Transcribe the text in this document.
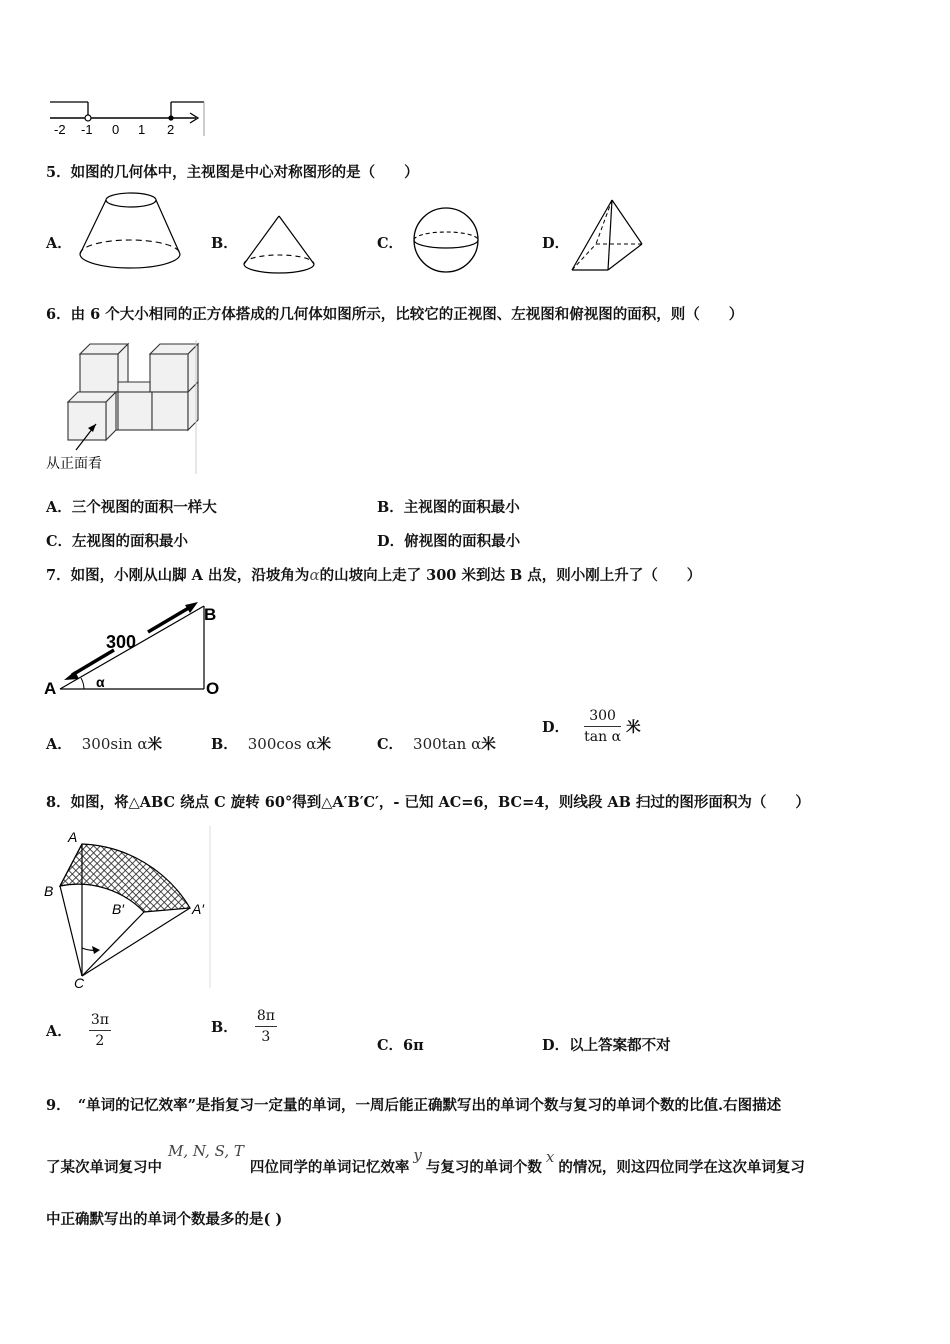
-2 -1 0 1 2
5．如图的几何体中，主视图是中心对称图形的是（　　）
A．	B．	C．	D．
6．由 6 个大小相同的正方体搭成的几何体如图所示，比较它的正视图、左视图和俯视图的面积，则（　　）
从正面看
A．三个视图的面积一样大	B．主视图的面积最小
C．左视图的面积最小	D．俯视图的面积最小
7．如图，小刚从山脚 A 出发，沿坡角为α的山坡向上走了 300 米到达 B 点，则小刚上升了（　　）
300
A
B
O
α
A． 300sin α米	B． 300cos α米	C． 300tan α米
D． $\frac{300}{\text{tan α}}$ 米
8．如图，将△ABC 绕点 C 旋转 60°得到△A′B′C′，- 已知 AC=6，BC=4，则线段 AB 扫过的图形面积为（　　）
A
B
B′	A′
C
A． $\frac{3\pi}{2}$	B． $\frac{8\pi}{3}$
C．6π	D．以上答案都不对
9．　“单词的记忆效率”是指复习一定量的单词，一周后能正确默写出的单词个数与复习的单词个数的比值.右图描述
了某次单词复习中M, N, S, T四位同学的单词记忆效率y与复习的单词个数x的情况，则这四位同学在这次单词复习
中正确默写出的单词个数最多的是( )
